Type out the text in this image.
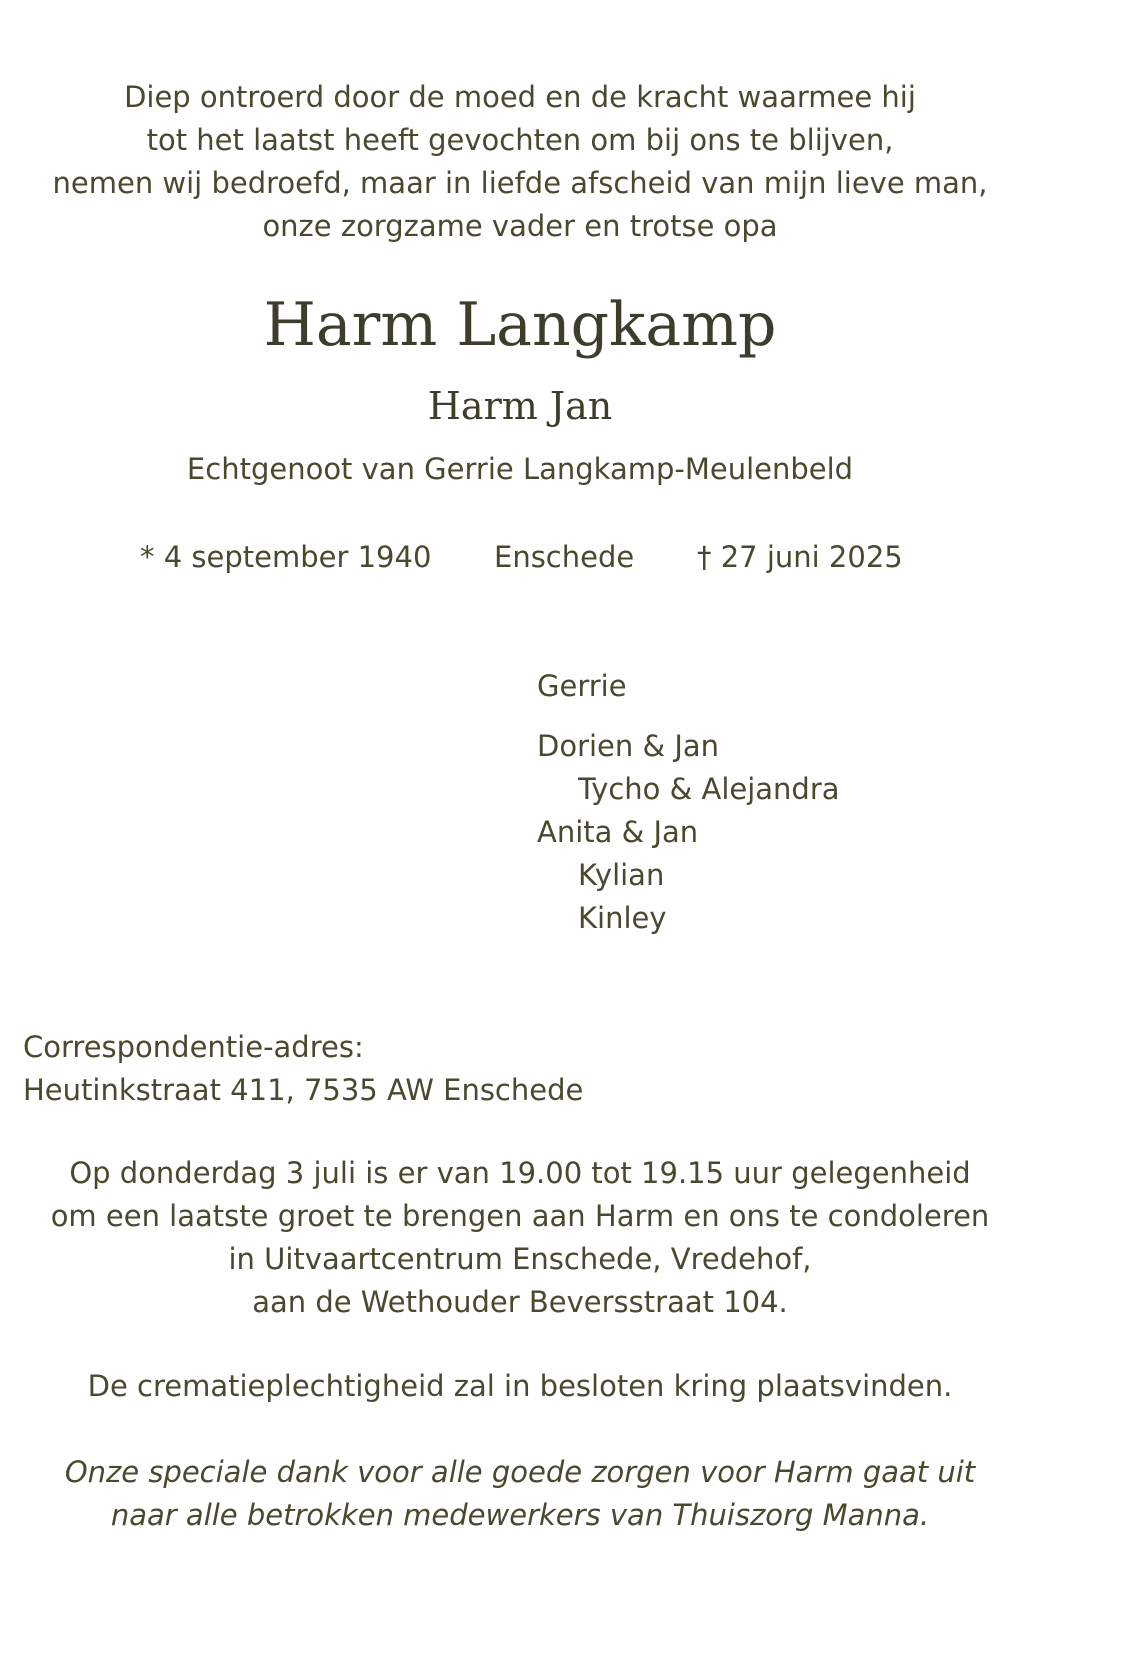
Diep ontroerd door de moed en de kracht waarmee hij
tot het laatst heeft gevochten om bij ons te blijven,
nemen wij bedroefd, maar in liefde afscheid van mijn lieve man,
onze zorgzame vader en trotse opa
Harm Langkamp
Harm Jan
Echtgenoot van Gerrie Langkamp-Meulenbeld
* 4 september 1940 Enschede † 27 juni 2025
Gerrie
Dorien & Jan
Tycho & Alejandra
Anita & Jan
Kylian
Kinley
Correspondentie-adres:
Heutinkstraat 411, 7535 AW Enschede
Op donderdag 3 juli is er van 19.00 tot 19.15 uur gelegenheid
om een laatste groet te brengen aan Harm en ons te condoleren
in Uitvaartcentrum Enschede, Vredehof,
aan de Wethouder Beversstraat 104.
De crematieplechtigheid zal in besloten kring plaatsvinden.
Onze speciale dank voor alle goede zorgen voor Harm gaat uit
naar alle betrokken medewerkers van Thuiszorg Manna.
